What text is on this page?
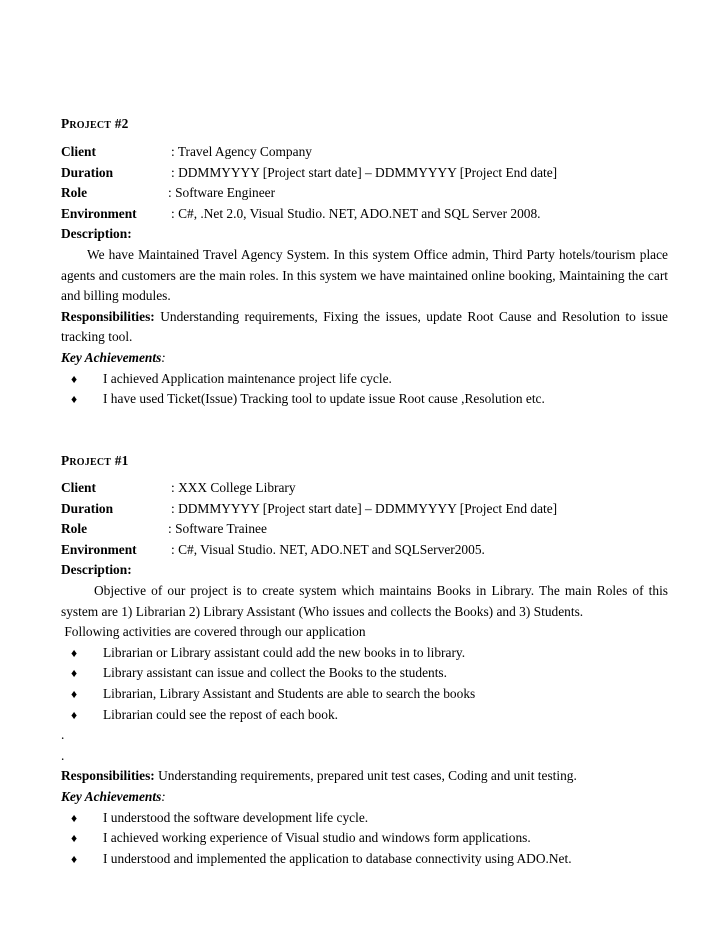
PROJECT #2
Client	: Travel Agency Company
Duration	: DDMMYYYY [Project start date] – DDMMYYYY [Project End date]
Role	: Software Engineer
Environment	: C#, .Net 2.0, Visual Studio. NET, ADO.NET and SQL Server 2008.
Description:
We have Maintained Travel Agency System. In this system Office admin, Third Party hotels/tourism place agents and customers are the main roles. In this system we have maintained online booking, Maintaining the cart and billing modules.
Responsibilities: Understanding requirements, Fixing the issues, update Root Cause and Resolution to issue tracking tool.
Key Achievements:
♦ I achieved Application maintenance project life cycle.
♦ I have used Ticket(Issue) Tracking tool to update issue Root cause ,Resolution etc.
PROJECT #1
Client	: XXX College Library
Duration	: DDMMYYYY [Project start date] – DDMMYYYY [Project End date]
Role	: Software Trainee
Environment	: C#, Visual Studio. NET, ADO.NET and SQLServer2005.
Description:
Objective of our project is to create system which maintains Books in Library. The main Roles of this system are 1) Librarian 2) Library Assistant (Who issues and collects the Books) and 3) Students.
Following activities are covered through our application
♦ Librarian or Library assistant could add the new books in to library.
♦ Library assistant can issue and collect the Books to the students.
♦ Librarian, Library Assistant and Students are able to search the books
♦ Librarian could see the repost of each book.
.
.
Responsibilities: Understanding requirements, prepared unit test cases, Coding and unit testing.
Key Achievements:
♦ I understood the software development life cycle.
♦ I achieved working experience of Visual studio and windows form applications.
♦ I understood and implemented the application to database connectivity using ADO.Net.
